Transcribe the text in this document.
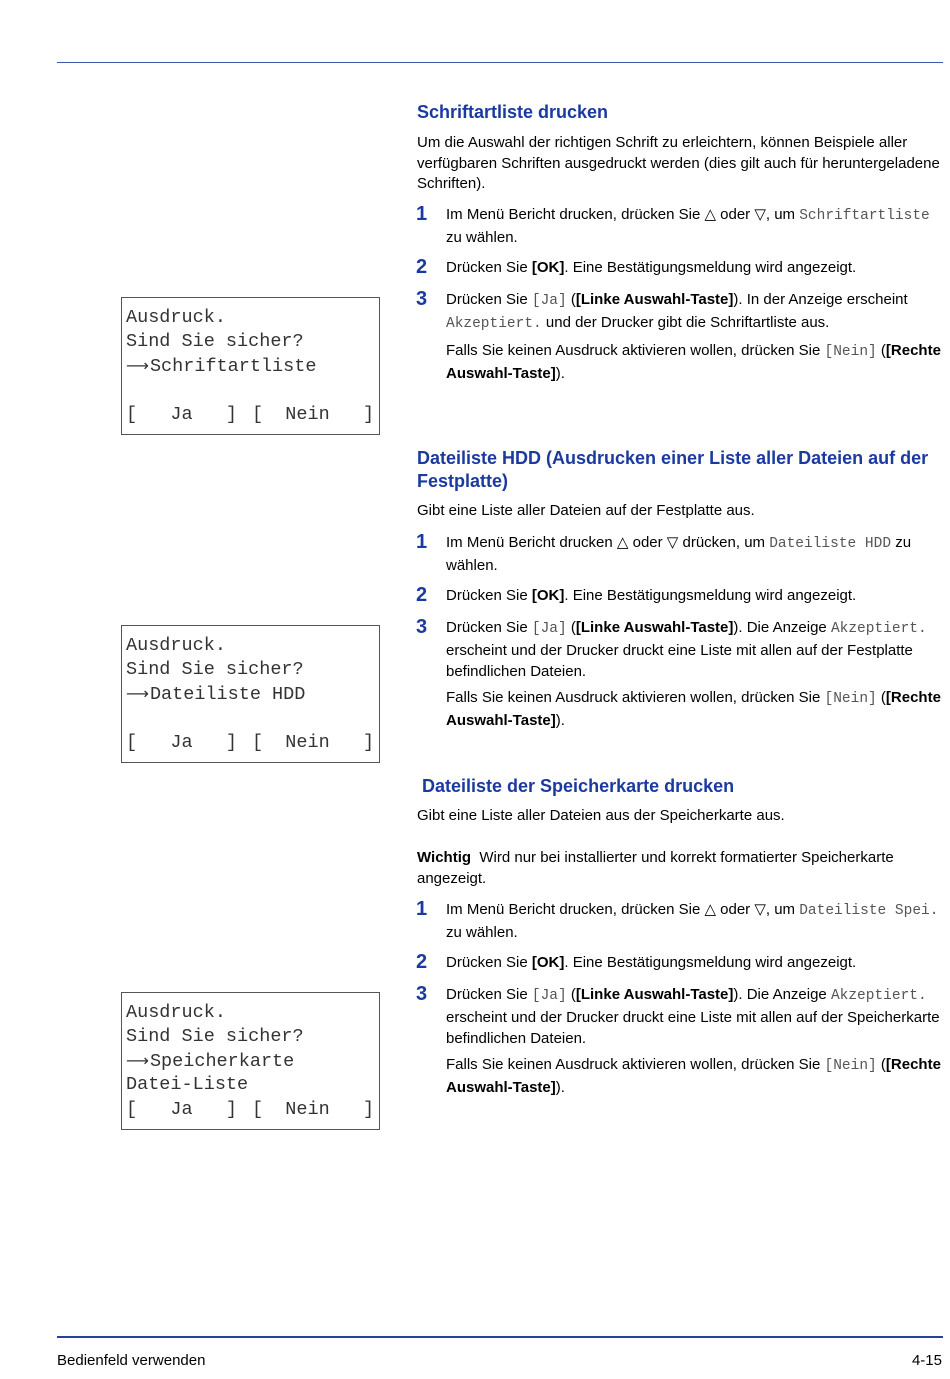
Schriftartliste drucken

Um die Auswahl der richtigen Schrift zu erleichtern, können Beispiele aller verfügbaren Schriften ausgedruckt werden (dies gilt auch für heruntergeladene Schriften).

1 Im Menü Bericht drucken, drücken Sie △ oder ▽, um Schriftartliste zu wählen.
2 Drücken Sie [OK]. Eine Bestätigungsmeldung wird angezeigt.
3 Drücken Sie [Ja] ([Linke Auswahl-Taste]). In der Anzeige erscheint Akzeptiert. und der Drucker gibt die Schriftartliste aus.
Falls Sie keinen Ausdruck aktivieren wollen, drücken Sie [Nein] ([Rechte Auswahl-Taste]).
Ausdruck.
Sind Sie sicher?
⟶Schriftartliste
[   Ja   ] [  Nein   ]
Dateiliste HDD (Ausdrucken einer Liste aller Dateien auf der Festplatte)

Gibt eine Liste aller Dateien auf der Festplatte aus.

1 Im Menü Bericht drucken △ oder ▽ drücken, um Dateiliste HDD zu wählen.
2 Drücken Sie [OK]. Eine Bestätigungsmeldung wird angezeigt.
3 Drücken Sie [Ja] ([Linke Auswahl-Taste]). Die Anzeige Akzeptiert. erscheint und der Drucker druckt eine Liste mit allen auf der Festplatte befindlichen Dateien.
Falls Sie keinen Ausdruck aktivieren wollen, drücken Sie [Nein] ([Rechte Auswahl-Taste]).
Ausdruck.
Sind Sie sicher?
⟶Dateiliste HDD
[   Ja   ] [  Nein   ]
Dateiliste der Speicherkarte drucken

Gibt eine Liste aller Dateien aus der Speicherkarte aus.

Wichtig Wird nur bei installierter und korrekt formatierter Speicherkarte angezeigt.

1 Im Menü Bericht drucken, drücken Sie △ oder ▽, um Dateiliste Spei. zu wählen.
2 Drücken Sie [OK]. Eine Bestätigungsmeldung wird angezeigt.
3 Drücken Sie [Ja] ([Linke Auswahl-Taste]). Die Anzeige Akzeptiert. erscheint und der Drucker druckt eine Liste mit allen auf der Speicherkarte befindlichen Dateien.
Falls Sie keinen Ausdruck aktivieren wollen, drücken Sie [Nein] ([Rechte Auswahl-Taste]).
Ausdruck.
Sind Sie sicher?
⟶Speicherkarte
Datei-Liste
[   Ja   ] [  Nein   ]
Bedienfeld verwenden	4-15
